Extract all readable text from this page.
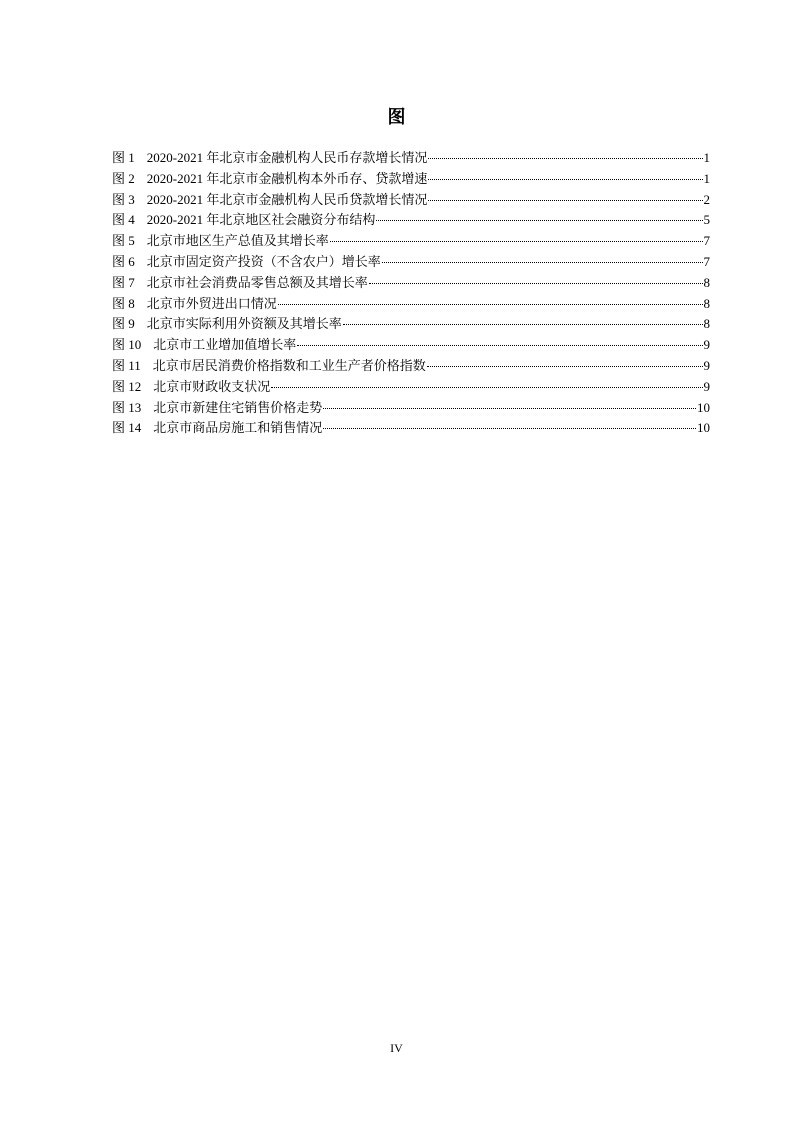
图
图 1 2020-2021 年北京市金融机构人民币存款增长情况	1
图 2 2020-2021 年北京市金融机构本外币存、贷款增速	1
图 3 2020-2021 年北京市金融机构人民币贷款增长情况	2
图 4 2020-2021 年北京地区社会融资分布结构	5
图 5 北京市地区生产总值及其增长率	7
图 6 北京市固定资产投资（不含农户）增长率	7
图 7 北京市社会消费品零售总额及其增长率	8
图 8 北京市外贸进出口情况	8
图 9 北京市实际利用外资额及其增长率	8
图 10 北京市工业增加值增长率	9
图 11 北京市居民消费价格指数和工业生产者价格指数	9
图 12 北京市财政收支状况	9
图 13 北京市新建住宅销售价格走势	10
图 14 北京市商品房施工和销售情况	10
IV
